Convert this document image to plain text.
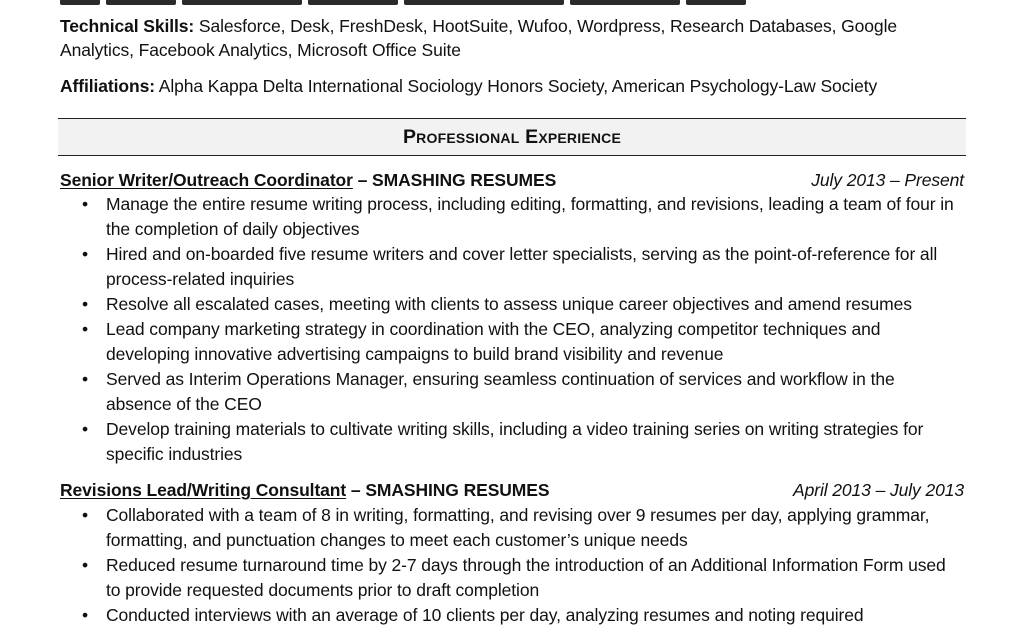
Technical Skills: Salesforce, Desk, FreshDesk, HootSuite, Wufoo, Wordpress, Research Databases, Google Analytics, Facebook Analytics, Microsoft Office Suite
Affiliations: Alpha Kappa Delta International Sociology Honors Society, American Psychology-Law Society
Professional Experience
Senior Writer/Outreach Coordinator – SMASHING RESUMES	July 2013 – Present
• Manage the entire resume writing process, including editing, formatting, and revisions, leading a team of four in the completion of daily objectives
• Hired and on-boarded five resume writers and cover letter specialists, serving as the point-of-reference for all process-related inquiries
• Resolve all escalated cases, meeting with clients to assess unique career objectives and amend resumes
• Lead company marketing strategy in coordination with the CEO, analyzing competitor techniques and developing innovative advertising campaigns to build brand visibility and revenue
• Served as Interim Operations Manager, ensuring seamless continuation of services and workflow in the absence of the CEO
• Develop training materials to cultivate writing skills, including a video training series on writing strategies for specific industries
Revisions Lead/Writing Consultant – SMASHING RESUMES	April 2013 – July 2013
• Collaborated with a team of 8 in writing, formatting, and revising over 9 resumes per day, applying grammar, formatting, and punctuation changes to meet each customer’s unique needs
• Reduced resume turnaround time by 2-7 days through the introduction of an Additional Information Form used to provide requested documents prior to draft completion
• Conducted interviews with an average of 10 clients per day, analyzing resumes and noting required
